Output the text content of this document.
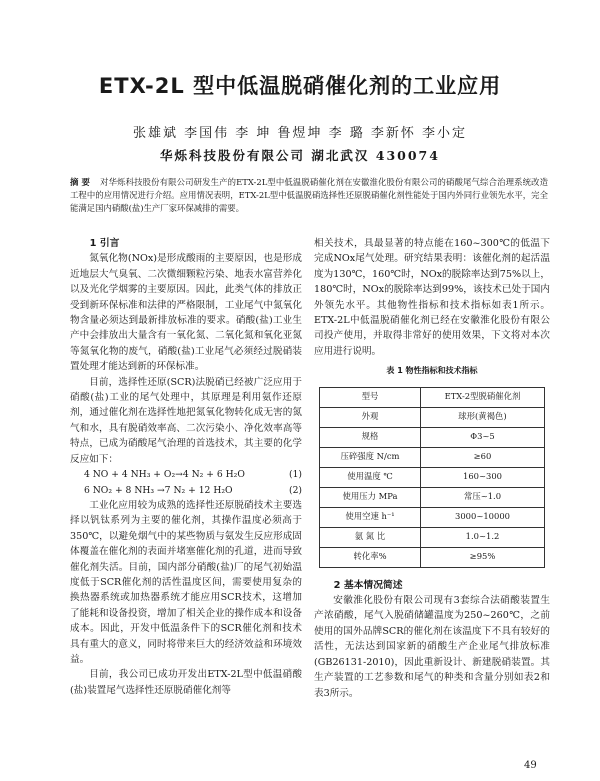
ETX-2L 型中低温脱硝催化剂的工业应用
张雄斌 李国伟 李 坤 鲁煜坤 李 璐 李新怀 李小定
华烁科技股份有限公司 湖北武汉 430074
摘 要 对华烁科技股份有限公司研发生产的ETX-2L型中低温脱硝催化剂在安徽淮化股份有限公司的硝酸尾气综合治理系统改造工程中的应用情况进行介绍。应用情况表明，ETX-2L型中低温脱硝选择性还原脱硝催化剂性能处于国内外同行业领先水平，完全能满足国内硝酸(盐)生产厂家环保减排的需要。

1 引言

氮氧化物(NOx)是形成酸雨的主要原因，也是形成近地层大气臭氧、二次微细颗粒污染、地表水富营养化以及光化学烟雾的主要原因。因此，此类气体的排放正受到新环保标准和法律的严格限制，工业尾气中氮氧化物含量必须达到最新排放标准的要求。硝酸(盐)工业生产中会排放出大量含有一氧化氮、二氧化氮和氧化亚氮等氮氧化物的废气，硝酸(盐)工业尾气必须经过脱硝装置处理才能达到新的环保标准。

目前，选择性还原(SCR)法脱硝已经被广泛应用于硝酸(盐)工业的尾气处理中，其原理是利用氨作还原剂，通过催化剂在选择性地把氮氧化物转化成无害的氮气和水，具有脱硝效率高、二次污染小、净化效率高等特点，已成为硝酸尾气治理的首选技术，其主要的化学反应如下：

4 NO + 4 NH₃ + O₂→4 N₂ + 6 H₂O	(1)
6 NO₂ + 8 NH₃ →7 N₂ + 12 H₂O	(2)

工业化应用较为成熟的选择性还原脱硝技术主要选择以钒钛系列为主要的催化剂，其操作温度必须高于350℃，以避免烟气中的某些物质与氨发生反应形成固体覆盖在催化剂的表面并堵塞催化剂的孔道，进而导致催化剂失活。目前，国内部分硝酸(盐)厂的尾气初始温度低于SCR催化剂的活性温度区间，需要使用复杂的换热器系统或加热器系统才能应用SCR技术，这增加了能耗和设备投资，增加了相关企业的操作成本和设备成本。因此，开发中低温条件下的SCR催化剂和技术具有重大的意义，同时将带来巨大的经济效益和环境效益。

目前，我公司已成功开发出ETX-2L型中低温硝酸(盐)装置尾气选择性还原脱硝催化剂等

相关技术，具最显著的特点能在160~300℃的低温下完成NOx尾气处理。研究结果表明：该催化剂的起活温度为130℃，160℃时，NOx的脱除率达到75%以上，180℃时，NOx的脱除率达到99%，该技术已处于国内外领先水平。其他物性指标和技术指标如表1所示。ETX-2L中低温脱硝催化剂已经在安徽淮化股份有限公司投产使用，并取得非常好的使用效果，下文将对本次应用进行说明。

表 1 物性指标和技术指标
型号	ETX-2型脱硝催化剂
外观	球形(黄褐色)
规格	Φ3~5
压碎强度 N/cm	≥60
使用温度 ℃	160~300
使用压力 MPa	常压~1.0
使用空速 h⁻¹	3000~10000
氨 氮 比	1.0~1.2
转化率%	≥95%

2 基本情况简述

安徽淮化股份有限公司现有3套综合法硝酸装置生产浓硝酸，尾气入脱硝储罐温度为250~260℃，之前使用的国外品牌SCR的催化剂在该温度下不具有较好的活性，无法达到国家新的硝酸生产企业尾气排放标准(GB26131-2010)，因此重新设计、新建脱硝装置。其生产装置的工艺参数和尾气的种类和含量分别如表2和表3所示。

49
